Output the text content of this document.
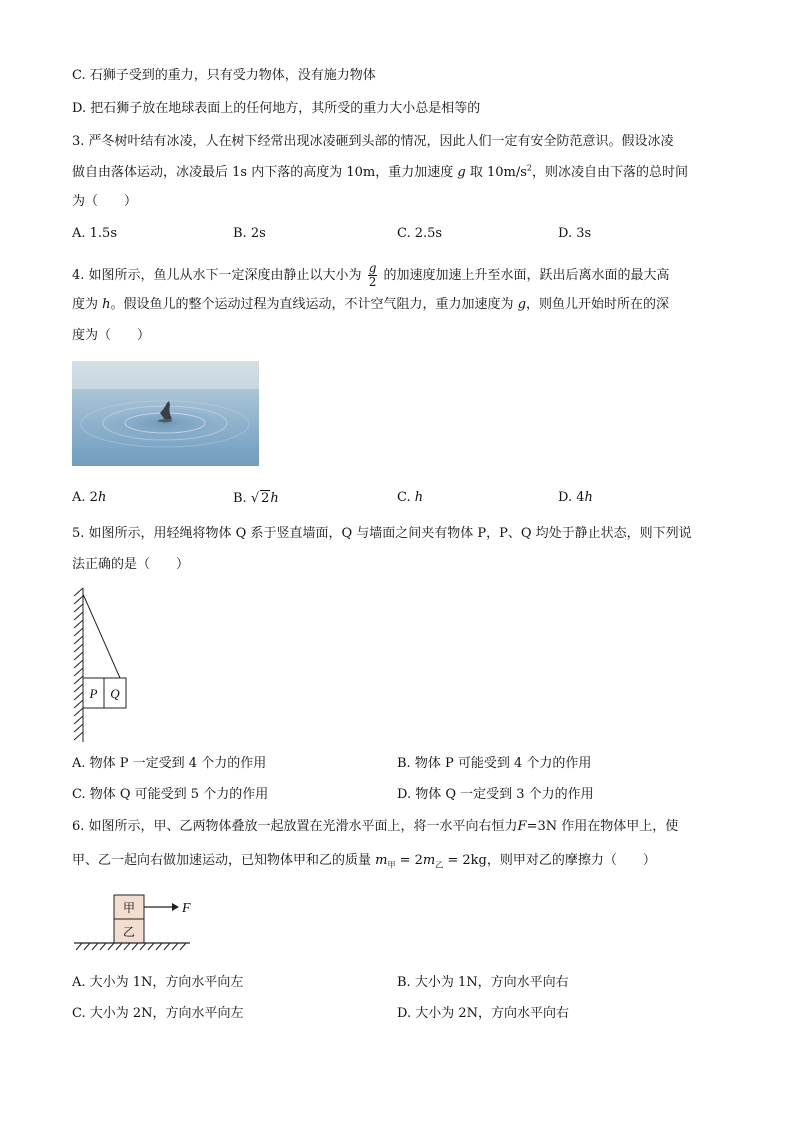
C. 石狮子受到的重力，只有受力物体，没有施力物体
D. 把石狮子放在地球表面上的任何地方，其所受的重力大小总是相等的
3. 严冬树叶结有冰凌，人在树下经常出现冰凌砸到头部的情况，因此人们一定有安全防范意识。假设冰凌
做自由落体运动，冰凌最后 1s 内下落的高度为 10m，重力加速度 g 取 $10m/s^2$，则冰凌自由下落的总时间
为（　　）
A. 1.5s	B. 2s	C. 2.5s	D. 3s
4. 如图所示，鱼儿从水下一定深度由静止以大小为 $\frac{g}{2}$ 的加速度加速上升至水面，跃出后离水面的最大高
度为 h。假设鱼儿的整个运动过程为直线运动，不计空气阻力，重力加速度为 g，则鱼儿开始时所在的深
度为（　　）
A. 2h	B. √ 2h	C. h	D. 4h
5. 如图所示，用轻绳将物体 Q 系于竖直墙面，Q 与墙面之间夹有物体 P，P、Q 均处于静止状态，则下列说
法正确的是（　　）
P Q
A. 物体 P 一定受到 4 个力的作用	B. 物体 P 可能受到 4 个力的作用
C. 物体 Q 可能受到 5 个力的作用	D. 物体 Q 一定受到 3 个力的作用
6. 如图所示，甲、乙两物体叠放一起放置在光滑水平面上，将一水平向右恒力F=3N 作用在物体甲上，使
甲、乙一起向右做加速运动，已知物体甲和乙的质量 $m_甲 = 2m_乙 = 2kg$，则甲对乙的摩擦力（　　）
甲
乙
F
A. 大小为 1N，方向水平向左	B. 大小为 1N，方向水平向右
C. 大小为 2N，方向水平向左	D. 大小为 2N，方向水平向右
